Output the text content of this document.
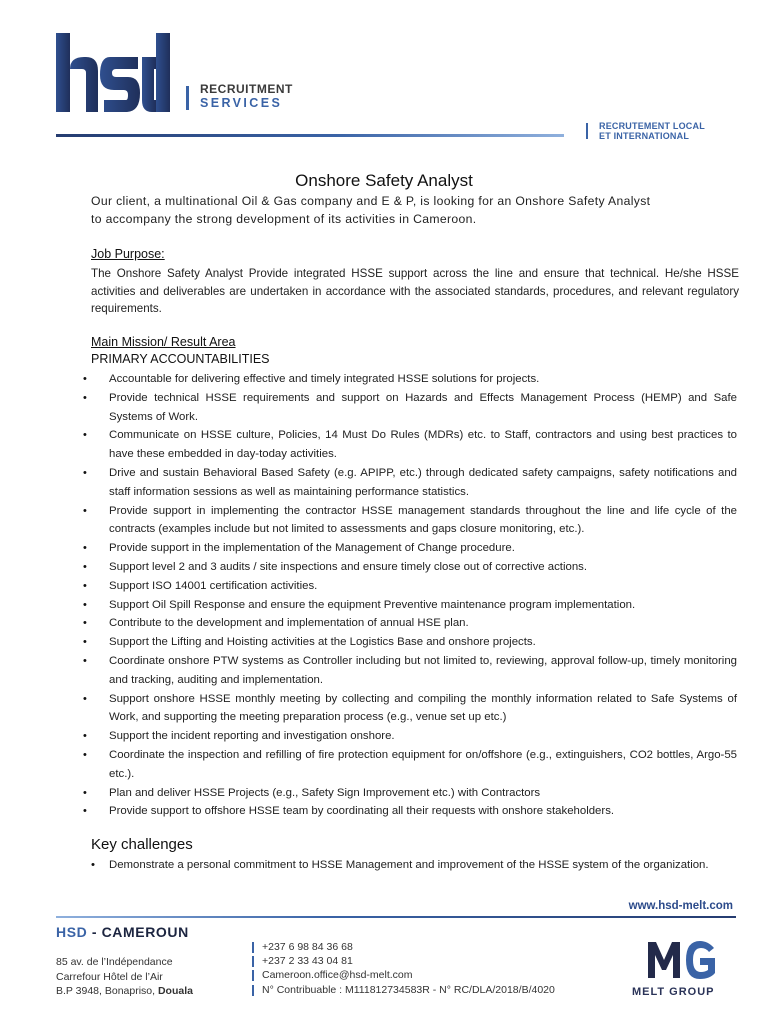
RECRUITMENT
SERVICES
RECRUTEMENT LOCAL
ET INTERNATIONAL
Onshore Safety Analyst
Our client, a multinational Oil & Gas company and E & P, is looking for an Onshore Safety Analyst to accompany the strong development of its activities in Cameroon.
Job Purpose:
The Onshore Safety Analyst Provide integrated HSSE support across the line and ensure that technical. He/she HSSE activities and deliverables are undertaken in accordance with the associated standards, procedures, and relevant regulatory requirements.
Main Mission/ Result Area
PRIMARY ACCOUNTABILITIES
• Accountable for delivering effective and timely integrated HSSE solutions for projects.
• Provide technical HSSE requirements and support on Hazards and Effects Management Process (HEMP) and Safe Systems of Work.
• Communicate on HSSE culture, Policies, 14 Must Do Rules (MDRs) etc. to Staff, contractors and using best practices to have these embedded in day-today activities.
• Drive and sustain Behavioral Based Safety (e.g. APIPP, etc.) through dedicated safety campaigns, safety notifications and staff information sessions as well as maintaining performance statistics.
• Provide support in implementing the contractor HSSE management standards throughout the line and life cycle of the contracts (examples include but not limited to assessments and gaps closure monitoring, etc.).
• Provide support in the implementation of the Management of Change procedure.
• Support level 2 and 3 audits / site inspections and ensure timely close out of corrective actions.
• Support ISO 14001 certification activities.
• Support Oil Spill Response and ensure the equipment Preventive maintenance program implementation.
• Contribute to the development and implementation of annual HSE plan.
• Support the Lifting and Hoisting activities at the Logistics Base and onshore projects.
• Coordinate onshore PTW systems as Controller including but not limited to, reviewing, approval follow-up, timely monitoring and tracking, auditing and implementation.
• Support onshore HSSE monthly meeting by collecting and compiling the monthly information related to Safe Systems of Work, and supporting the meeting preparation process (e.g., venue set up etc.)
• Support the incident reporting and investigation onshore.
• Coordinate the inspection and refilling of fire protection equipment for on/offshore (e.g., extinguishers, CO2 bottles, Argo-55 etc.).
• Plan and deliver HSSE Projects (e.g., Safety Sign Improvement etc.) with Contractors
• Provide support to offshore HSSE team by coordinating all their requests with onshore stakeholders.
Key challenges
• Demonstrate a personal commitment to HSSE Management and improvement of the HSSE system of the organization.
www.hsd-melt.com
HSD - CAMEROUN
85 av. de l’Indépendance
Carrefour Hôtel de l’Air
B.P 3948, Bonapriso, Douala
+237 6 98 84 36 68
+237 2 33 43 04 81
Cameroon.office@hsd-melt.com
N° Contribuable : M111812734583R - N° RC/DLA/2018/B/4020	MELT GROUP
